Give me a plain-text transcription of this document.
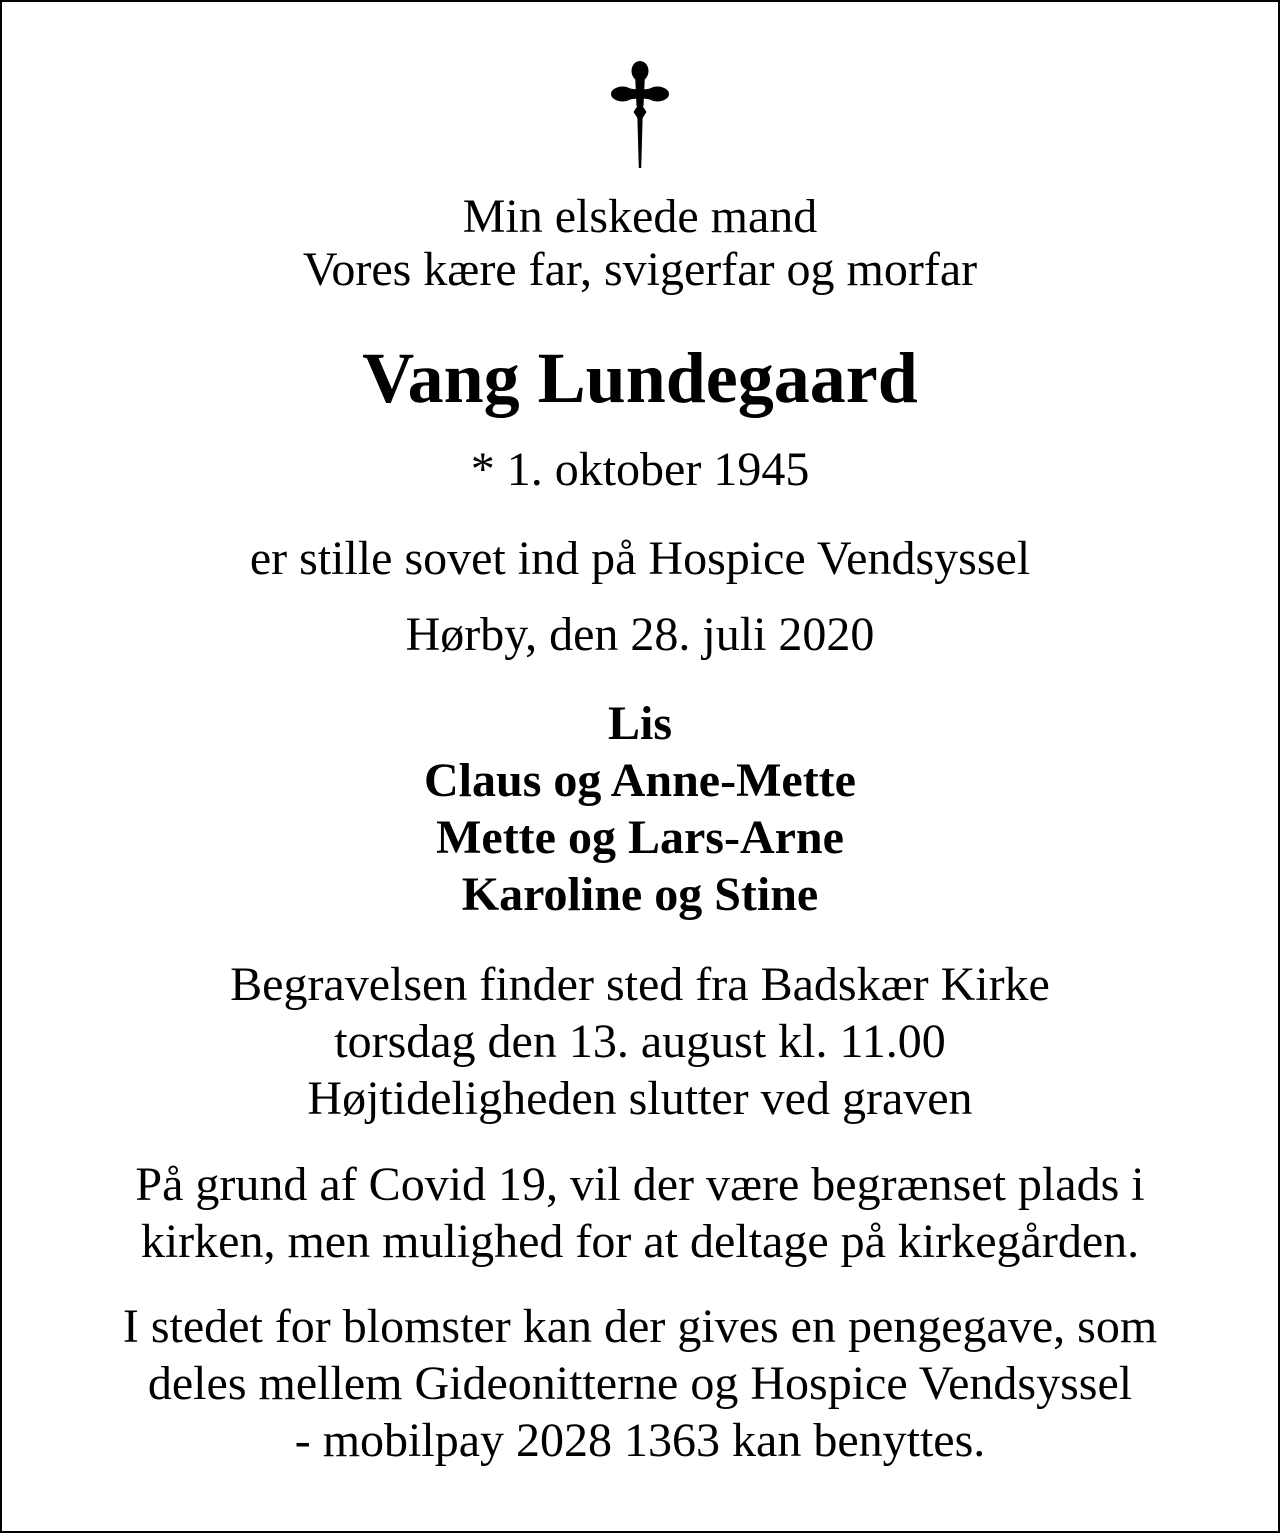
Min elskede mand
Vores kære far, svigerfar og morfar
Vang Lundegaard
* 1. oktober 1945
er stille sovet ind på Hospice Vendsyssel
Hørby, den 28. juli 2020
Lis
Claus og Anne-Mette
Mette og Lars-Arne
Karoline og Stine
Begravelsen finder sted fra Badskær Kirke
torsdag den 13. august kl. 11.00
Højtideligheden slutter ved graven
På grund af Covid 19, vil der være begrænset plads i
kirken, men mulighed for at deltage på kirkegården.
I stedet for blomster kan der gives en pengegave, som
deles mellem Gideonitterne og Hospice Vendsyssel
- mobilpay 2028 1363 kan benyttes.
